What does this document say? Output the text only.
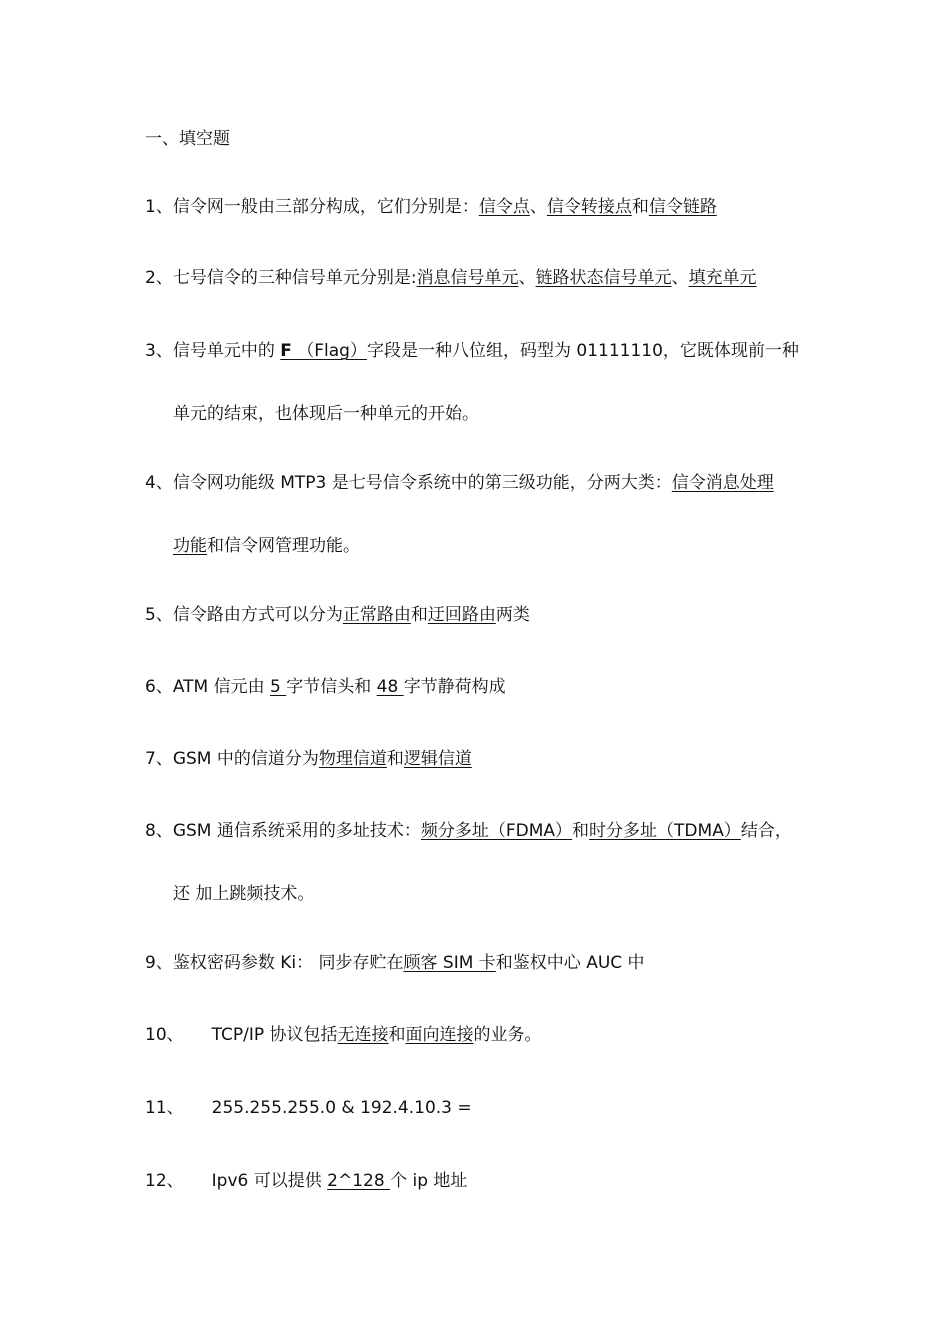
一、填空题
1、信令网一般由三部分构成，它们分别是：信令点、信令转接点和信令链路
2、七号信令的三种信号单元分别是:消息信号单元、链路状态信号单元、填充单元
3、信号单元中的 F （Flag）字段是一种八位组，码型为 01111110，它既体现前一种
单元的结束，也体现后一种单元的开始。
4、信令网功能级 MTP3 是七号信令系统中的第三级功能，分两大类：信令消息处理
功能和信令网管理功能。
5、信令路由方式可以分为正常路由和迂回路由两类
6、ATM 信元由 5 字节信头和 48 字节静荷构成
7、GSM 中的信道分为物理信道和逻辑信道
8、GSM 通信系统采用的多址技术：频分多址（FDMA）和时分多址（TDMA）结合，
还 加上跳频技术。
9、鉴权密码参数 Ki： 同步存贮在顾客 SIM 卡和鉴权中心 AUC 中
10、 TCP/IP 协议包括无连接和面向连接的业务。
11、 255.255.255.0 & 192.4.10.3 =
12、 Ipv6 可以提供 2^128 个 ip 地址
